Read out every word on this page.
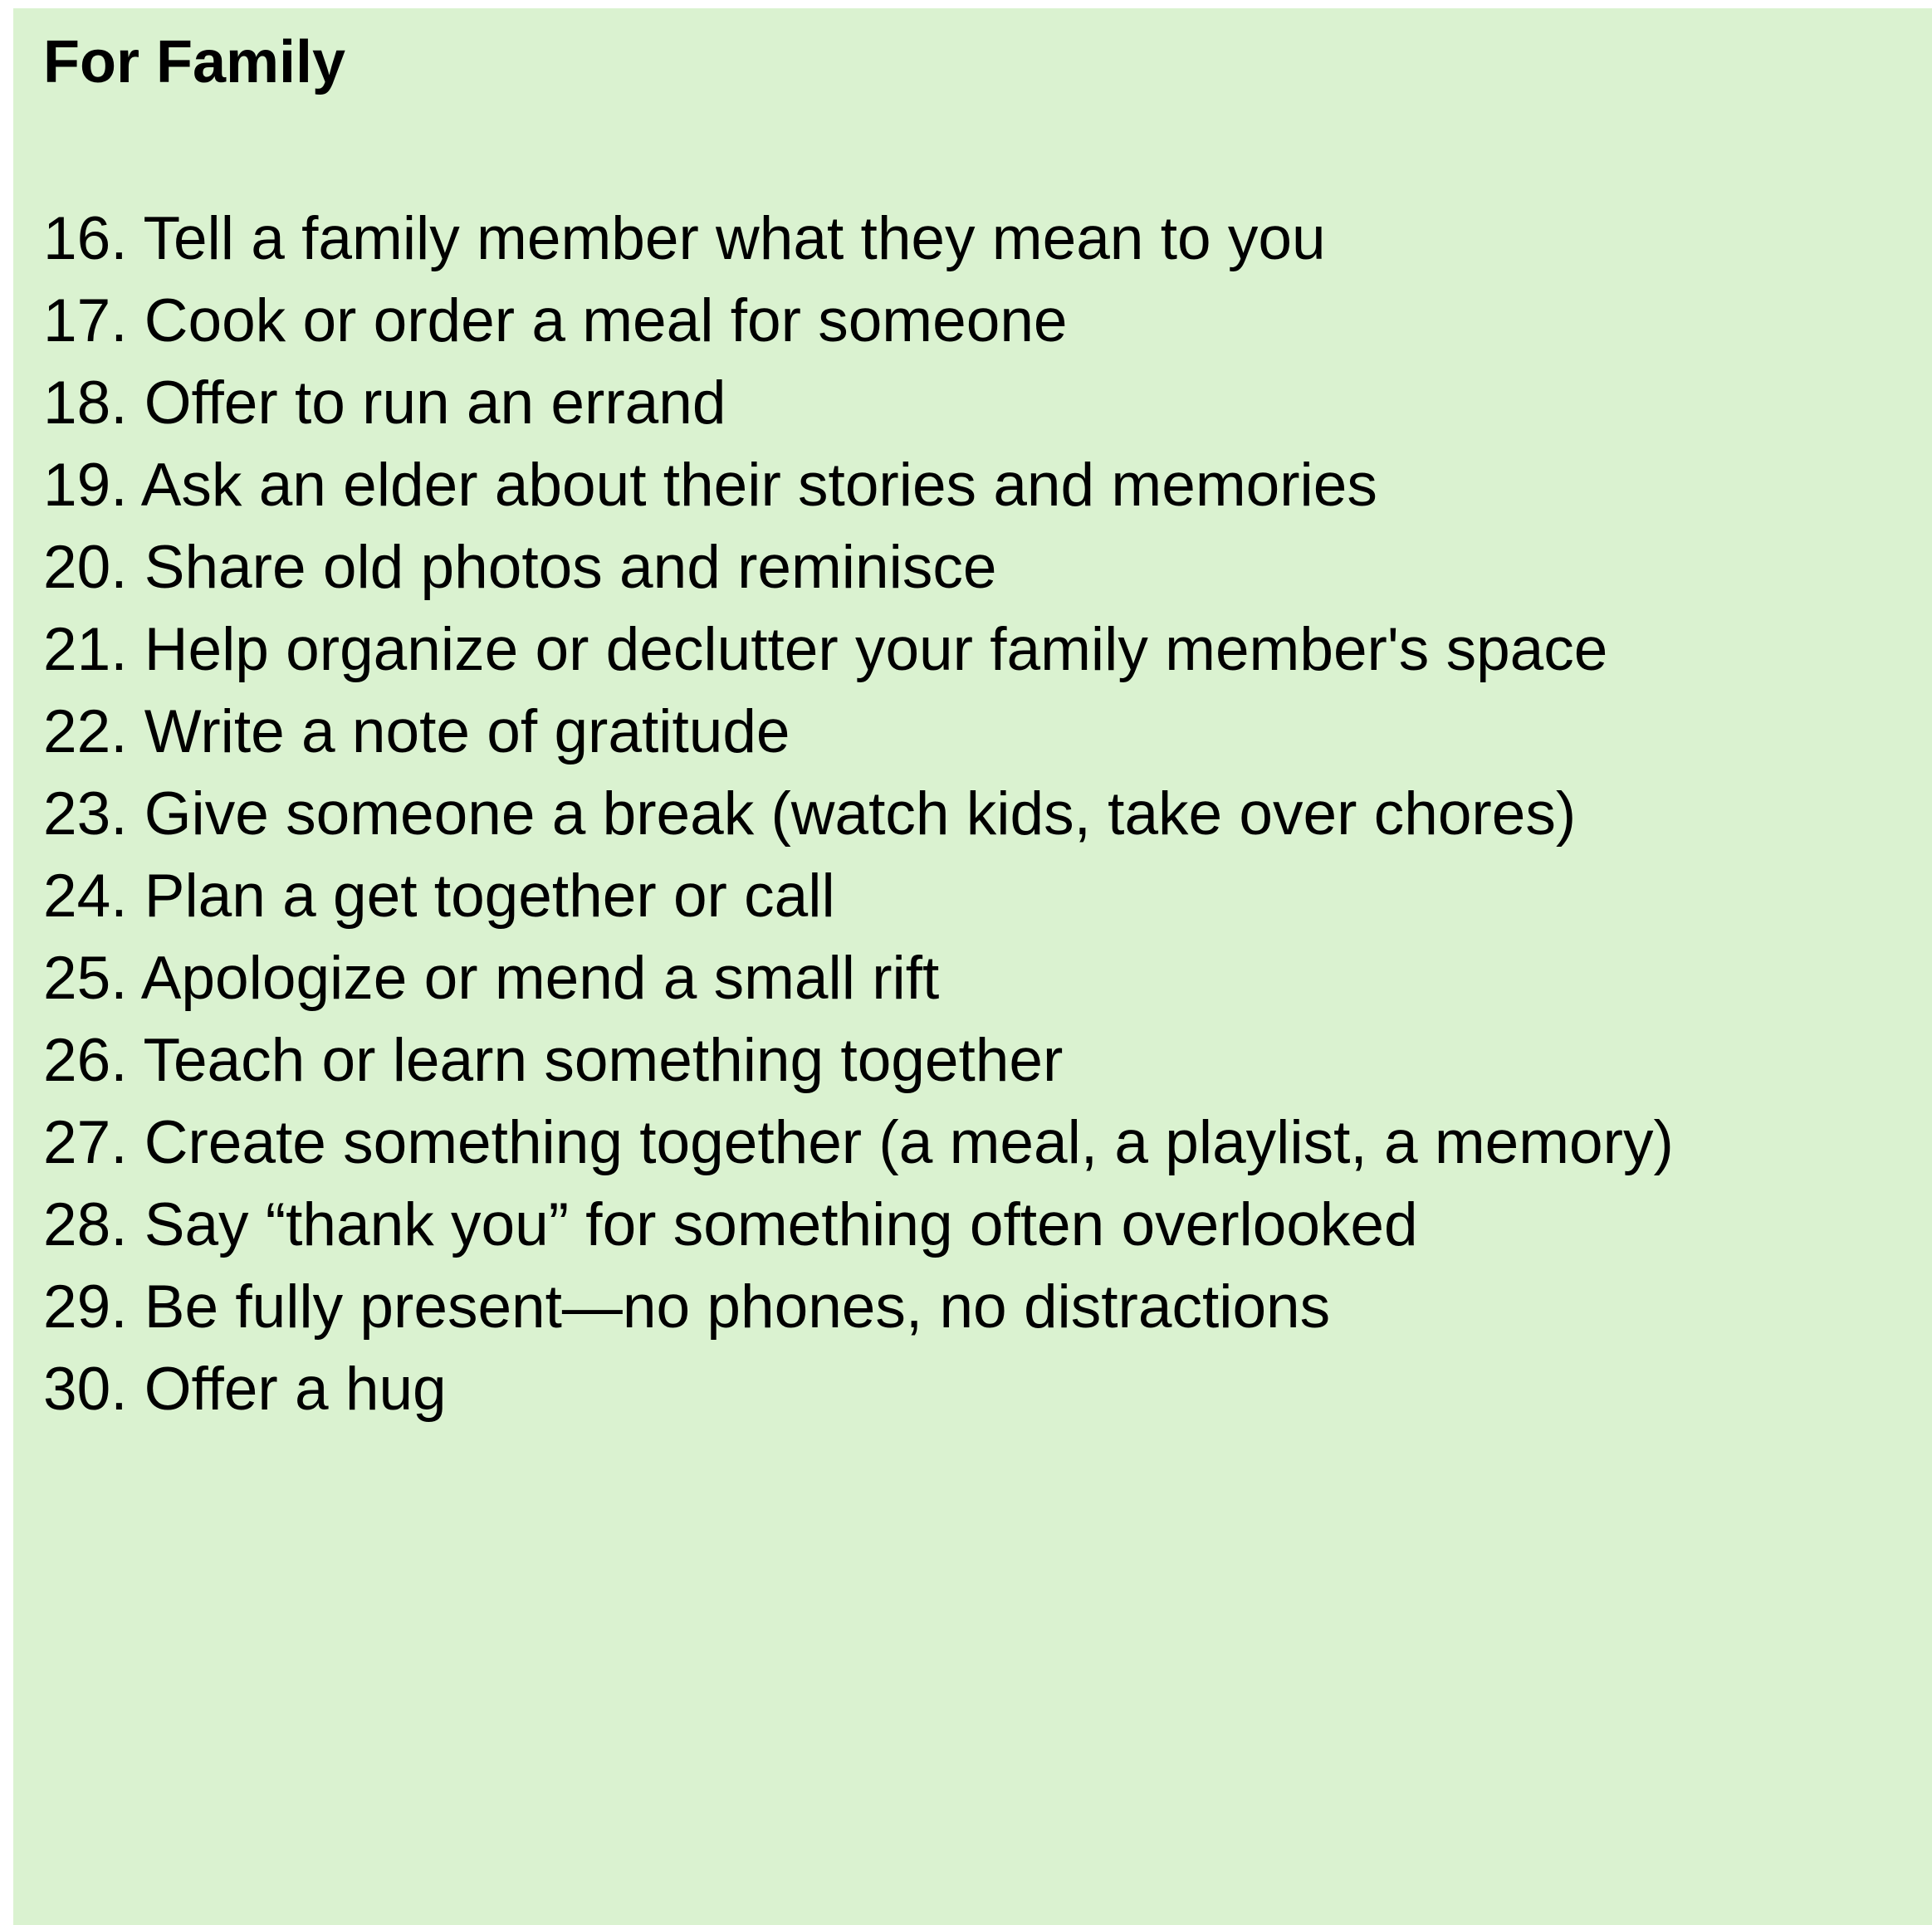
For Family
16. Tell a family member what they mean to you
17. Cook or order a meal for someone
18. Offer to run an errand
19. Ask an elder about their stories and memories
20. Share old photos and reminisce
21. Help organize or declutter your family member's space
22. Write a note of gratitude
23. Give someone a break (watch kids, take over chores)
24. Plan a get together or call
25. Apologize or mend a small rift
26. Teach or learn something together
27. Create something together (a meal, a playlist, a memory)
28. Say “thank you” for something often overlooked
29. Be fully present—no phones, no distractions
30. Offer a hug
